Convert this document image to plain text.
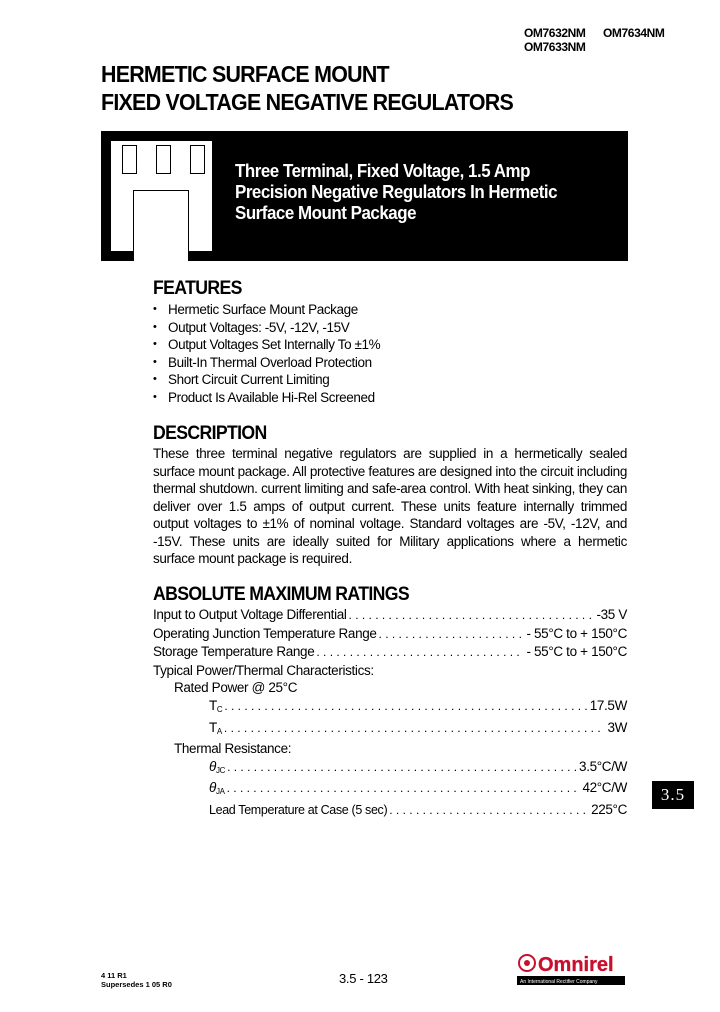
OM7632NM OM7634NM
OM7633NM
HERMETIC SURFACE MOUNT
FIXED VOLTAGE NEGATIVE REGULATORS
Three Terminal, Fixed Voltage, 1.5 Amp
Precision Negative Regulators In Hermetic
Surface Mount Package
FEATURES
• Hermetic Surface Mount Package
• Output Voltages: -5V, -12V, -15V
• Output Voltages Set Internally To ±1%
• Built-In Thermal Overload Protection
• Short Circuit Current Limiting
• Product Is Available Hi-Rel Screened
DESCRIPTION
These three terminal negative regulators are supplied in a hermetically sealed surface mount package. All protective features are designed into the circuit including thermal shutdown. current limiting and safe-area control. With heat sinking, they can deliver over 1.5 amps of output current. These units feature internally trimmed output voltages to ±1% of nominal voltage. Standard voltages are -5V, -12V, and -15V. These units are ideally suited for Military applications where a hermetic surface mount package is required.
ABSOLUTE MAXIMUM RATINGS
Input to Output Voltage Differential . . .	-35 V
Operating Junction Temperature Range . . .	- 55°C to + 150°C
Storage Temperature Range . . .	- 55°C to + 150°C
Typical Power/Thermal Characteristics:
Rated Power @ 25°C
$T_C$ . . .	17.5W
$T_A$ . . .	3W
Thermal Resistance:
$\theta_{JC}$ . . .	3.5°C/W
$\theta_{JA}$ . . .	42°C/W
Lead Temperature at Case (5 sec) . . .	225°C
3.5
4 11 R1
Supersedes 1 05 R0	3.5 - 123
Omnirel
An International Rectifier Company
